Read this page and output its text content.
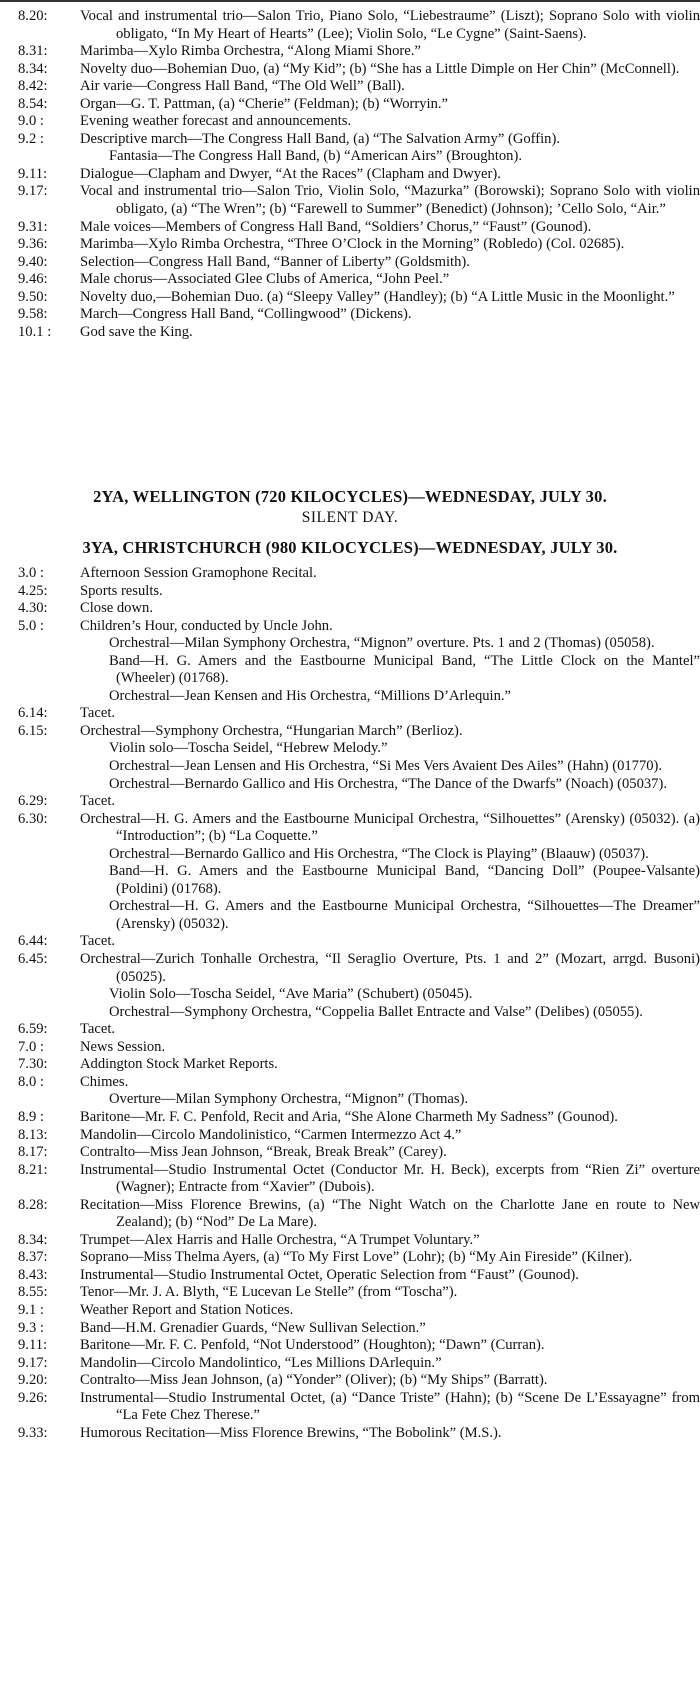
8.20: Vocal and instrumental trio—Salon Trio, Piano Solo, “Liebestraume” (Liszt); Soprano Solo with violin obligato, “In My Heart of Hearts” (Lee); Violin Solo, “Le Cygne” (Saint-Saens).
8.31: Marimba—Xylo Rimba Orchestra, “Along Miami Shore.”
8.34: Novelty duo—Bohemian Duo, (a) “My Kid”; (b) “She has a Little Dimple on Her Chin” (McConnell).
8.42: Air varie—Congress Hall Band, “The Old Well” (Ball).
8.54: Organ—G. T. Pattman, (a) “Cherie” (Feldman); (b) “Worryin.”
9.0 : Evening weather forecast and announcements.
9.2 : Descriptive march—The Congress Hall Band, (a) “The Salvation Army” (Goffin).
Fantasia—The Congress Hall Band, (b) “American Airs” (Broughton).
9.11: Dialogue—Clapham and Dwyer, “At the Races” (Clapham and Dwyer).
9.17: Vocal and instrumental trio—Salon Trio, Violin Solo, “Mazurka” (Borowski); Soprano Solo with violin obligato, (a) “The Wren”; (b) “Farewell to Summer” (Benedict) (Johnson); ’Cello Solo, “Air.”
9.31: Male voices—Members of Congress Hall Band, “Soldiers’ Chorus,” “Faust” (Gounod).
9.36: Marimba—Xylo Rimba Orchestra, “Three O’Clock in the Morning” (Robledo) (Col. 02685).
9.40: Selection—Congress Hall Band, “Banner of Liberty” (Goldsmith).
9.46: Male chorus—Associated Glee Clubs of America, “John Peel.”
9.50: Novelty duo,—Bohemian Duo. (a) “Sleepy Valley” (Handley); (b) “A Little Music in the Moonlight.”
9.58: March—Congress Hall Band, “Collingwood” (Dickens).
10.1 : God save the King.
2YA, WELLINGTON (720 KILOCYCLES)—WEDNESDAY, JULY 30.
SILENT DAY.
3YA, CHRISTCHURCH (980 KILOCYCLES)—WEDNESDAY, JULY 30.
3.0 : Afternoon Session Gramophone Recital.
4.25: Sports results.
4.30: Close down.
5.0 : Children’s Hour, conducted by Uncle John.
Orchestral—Milan Symphony Orchestra, “Mignon” overture. Pts. 1 and 2 (Thomas) (05058).
Band—H. G. Amers and the Eastbourne Municipal Band, “The Little Clock on the Mantel” (Wheeler) (01768).
Orchestral—Jean Kensen and His Orchestra, “Millions D’Arlequin.”
6.14: Tacet.
6.15: Orchestral—Symphony Orchestra, “Hungarian March” (Berlioz).
Violin solo—Toscha Seidel, “Hebrew Melody.”
Orchestral—Jean Lensen and His Orchestra, “Si Mes Vers Avaient Des Ailes” (Hahn) (01770).
Orchestral—Bernardo Gallico and His Orchestra, “The Dance of the Dwarfs” (Noach) (05037).
6.29: Tacet.
6.30: Orchestral—H. G. Amers and the Eastbourne Municipal Orchestra, “Silhouettes” (Arensky) (05032). (a) “Introduction”; (b) “La Coquette.”
Orchestral—Bernardo Gallico and His Orchestra, “The Clock is Playing” (Blaauw) (05037).
Band—H. G. Amers and the Eastbourne Municipal Band, “Dancing Doll” (Poupee-Valsante) (Poldini) (01768).
Orchestral—H. G. Amers and the Eastbourne Municipal Orchestra, “Silhouettes—The Dreamer” (Arensky) (05032).
6.44: Tacet.
6.45: Orchestral—Zurich Tonhalle Orchestra, “Il Seraglio Overture, Pts. 1 and 2” (Mozart, arrgd. Busoni) (05025).
Violin Solo—Toscha Seidel, “Ave Maria” (Schubert) (05045).
Orchestral—Symphony Orchestra, “Coppelia Ballet Entracte and Valse” (Delibes) (05055).
6.59: Tacet.
7.0 : News Session.
7.30: Addington Stock Market Reports.
8.0 : Chimes.
Overture—Milan Symphony Orchestra, “Mignon” (Thomas).
8.9 : Baritone—Mr. F. C. Penfold, Recit and Aria, “She Alone Charmeth My Sadness” (Gounod).
8.13: Mandolin—Circolo Mandolinistico, “Carmen Intermezzo Act 4.”
8.17: Contralto—Miss Jean Johnson, “Break, Break Break” (Carey).
8.21: Instrumental—Studio Instrumental Octet (Conductor Mr. H. Beck), excerpts from “Rien Zi” overture (Wagner); Entracte from “Xavier” (Dubois).
8.28: Recitation—Miss Florence Brewins, (a) “The Night Watch on the Charlotte Jane en route to New Zealand); (b) “Nod” De La Mare).
8.34: Trumpet—Alex Harris and Halle Orchestra, “A Trumpet Voluntary.”
8.37: Soprano—Miss Thelma Ayers, (a) “To My First Love” (Lohr); (b) “My Ain Fireside” (Kilner).
8.43: Instrumental—Studio Instrumental Octet, Operatic Selection from “Faust” (Gounod).
8.55: Tenor—Mr. J. A. Blyth, “E Lucevan Le Stelle” (from “Toscha”).
9.1 : Weather Report and Station Notices.
9.3 : Band—H.M. Grenadier Guards, “New Sullivan Selection.”
9.11: Baritone—Mr. F. C. Penfold, “Not Understood” (Houghton); “Dawn” (Curran).
9.17: Mandolin—Circolo Mandolintico, “Les Millions DArlequin.”
9.20: Contralto—Miss Jean Johnson, (a) “Yonder” (Oliver); (b) “My Ships” (Barratt).
9.26: Instrumental—Studio Instrumental Octet, (a) “Dance Triste” (Hahn); (b) “Scene De L’Essayagne” from “La Fete Chez Therese.”
9.33: Humorous Recitation—Miss Florence Brewins, “The Bobolink” (M.S.).
